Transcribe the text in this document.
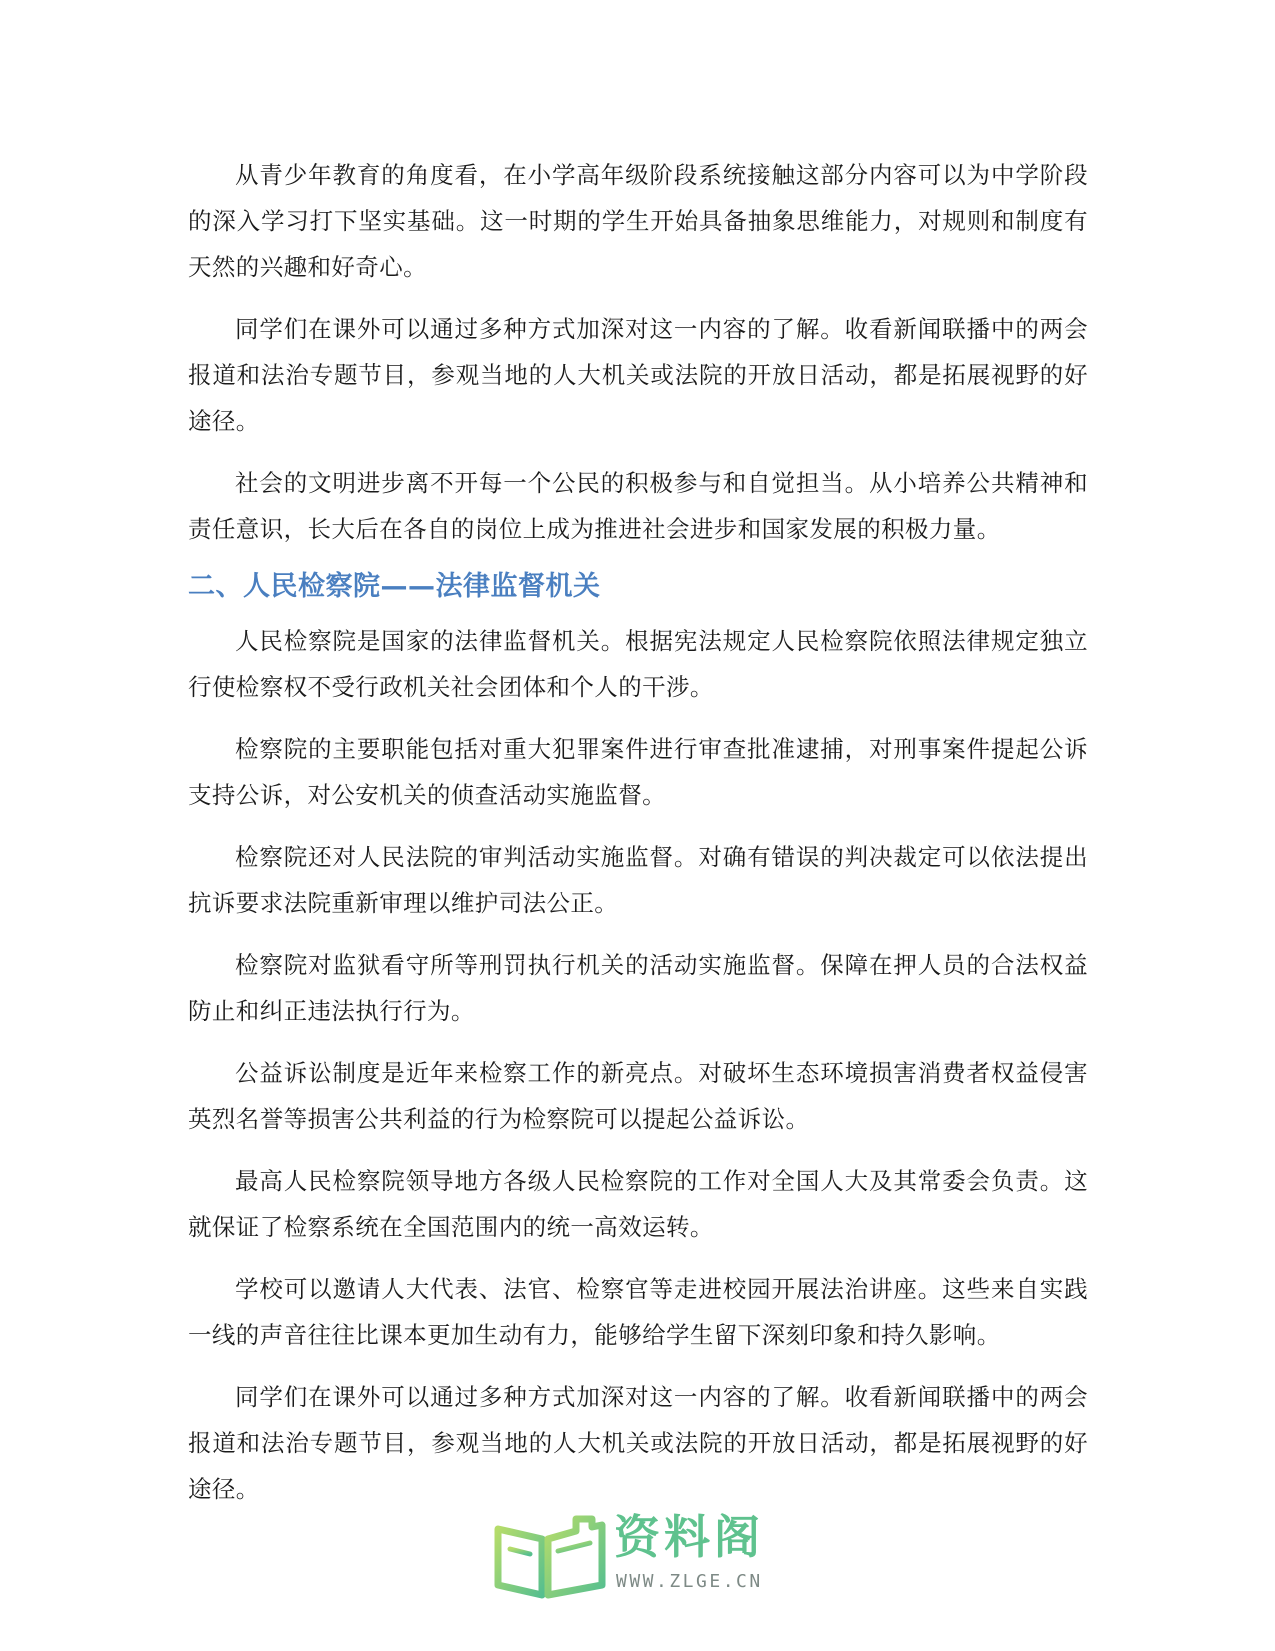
从青少年教育的角度看，在小学高年级阶段系统接触这部分内容可以为中学阶段的深入学习打下坚实基础。这一时期的学生开始具备抽象思维能力，对规则和制度有天然的兴趣和好奇心。

同学们在课外可以通过多种方式加深对这一内容的了解。收看新闻联播中的两会报道和法治专题节目，参观当地的人大机关或法院的开放日活动，都是拓展视野的好途径。

社会的文明进步离不开每一个公民的积极参与和自觉担当。从小培养公共精神和责任意识，长大后在各自的岗位上成为推进社会进步和国家发展的积极力量。

二、人民检察院——法律监督机关

人民检察院是国家的法律监督机关。根据宪法规定人民检察院依照法律规定独立行使检察权不受行政机关社会团体和个人的干涉。

检察院的主要职能包括对重大犯罪案件进行审查批准逮捕，对刑事案件提起公诉支持公诉，对公安机关的侦查活动实施监督。

检察院还对人民法院的审判活动实施监督。对确有错误的判决裁定可以依法提出抗诉要求法院重新审理以维护司法公正。

检察院对监狱看守所等刑罚执行机关的活动实施监督。保障在押人员的合法权益防止和纠正违法执行行为。

公益诉讼制度是近年来检察工作的新亮点。对破坏生态环境损害消费者权益侵害英烈名誉等损害公共利益的行为检察院可以提起公益诉讼。

最高人民检察院领导地方各级人民检察院的工作对全国人大及其常委会负责。这就保证了检察系统在全国范围内的统一高效运转。

学校可以邀请人大代表、法官、检察官等走进校园开展法治讲座。这些来自实践一线的声音往往比课本更加生动有力，能够给学生留下深刻印象和持久影响。

同学们在课外可以通过多种方式加深对这一内容的了解。收看新闻联播中的两会报道和法治专题节目，参观当地的人大机关或法院的开放日活动，都是拓展视野的好途径。

资料阁
WWW.ZLGE.CN
